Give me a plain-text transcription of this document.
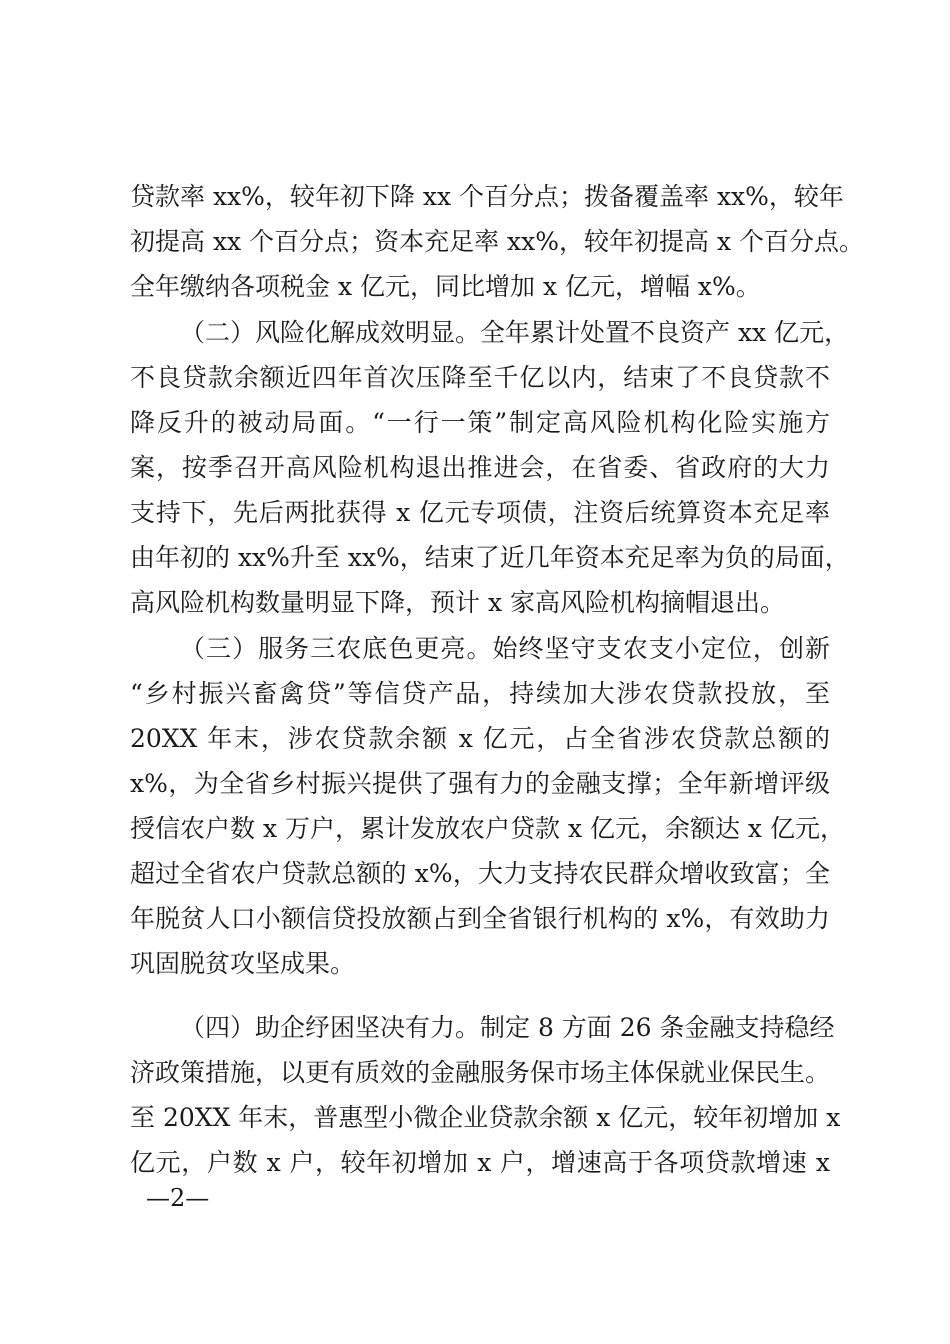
贷款率 xx%，较年初下降 xx 个百分点；拨备覆盖率 xx%，较年
初提高 xx 个百分点；资本充足率 xx%，较年初提高 x 个百分点。
全年缴纳各项税金 x 亿元，同比增加 x 亿元，增幅 x%。
（二）风险化解成效明显。全年累计处置不良资产 xx 亿元，
不良贷款余额近四年首次压降至千亿以内，结束了不良贷款不
降反升的被动局面。“一行一策”制定高风险机构化险实施方
案，按季召开高风险机构退出推进会，在省委、省政府的大力
支持下，先后两批获得 x 亿元专项债，注资后统算资本充足率
由年初的 xx%升至 xx%，结束了近几年资本充足率为负的局面，
高风险机构数量明显下降，预计 x 家高风险机构摘帽退出。
（三）服务三农底色更亮。始终坚守支农支小定位，创新
“乡村振兴畜禽贷”等信贷产品，持续加大涉农贷款投放，至
20XX 年末，涉农贷款余额 x 亿元，占全省涉农贷款总额的
x%，为全省乡村振兴提供了强有力的金融支撑；全年新增评级
授信农户数 x 万户，累计发放农户贷款 x 亿元，余额达 x 亿元，
超过全省农户贷款总额的 x%，大力支持农民群众增收致富；全
年脱贫人口小额信贷投放额占到全省银行机构的 x%，有效助力
巩固脱贫攻坚成果。
（四）助企纾困坚决有力。制定 8 方面 26 条金融支持稳经
济政策措施，以更有质效的金融服务保市场主体保就业保民生。
至 20XX 年末，普惠型小微企业贷款余额 x 亿元，较年初增加 x
亿元，户数 x 户，较年初增加 x 户，增速高于各项贷款增速 x
—2—
